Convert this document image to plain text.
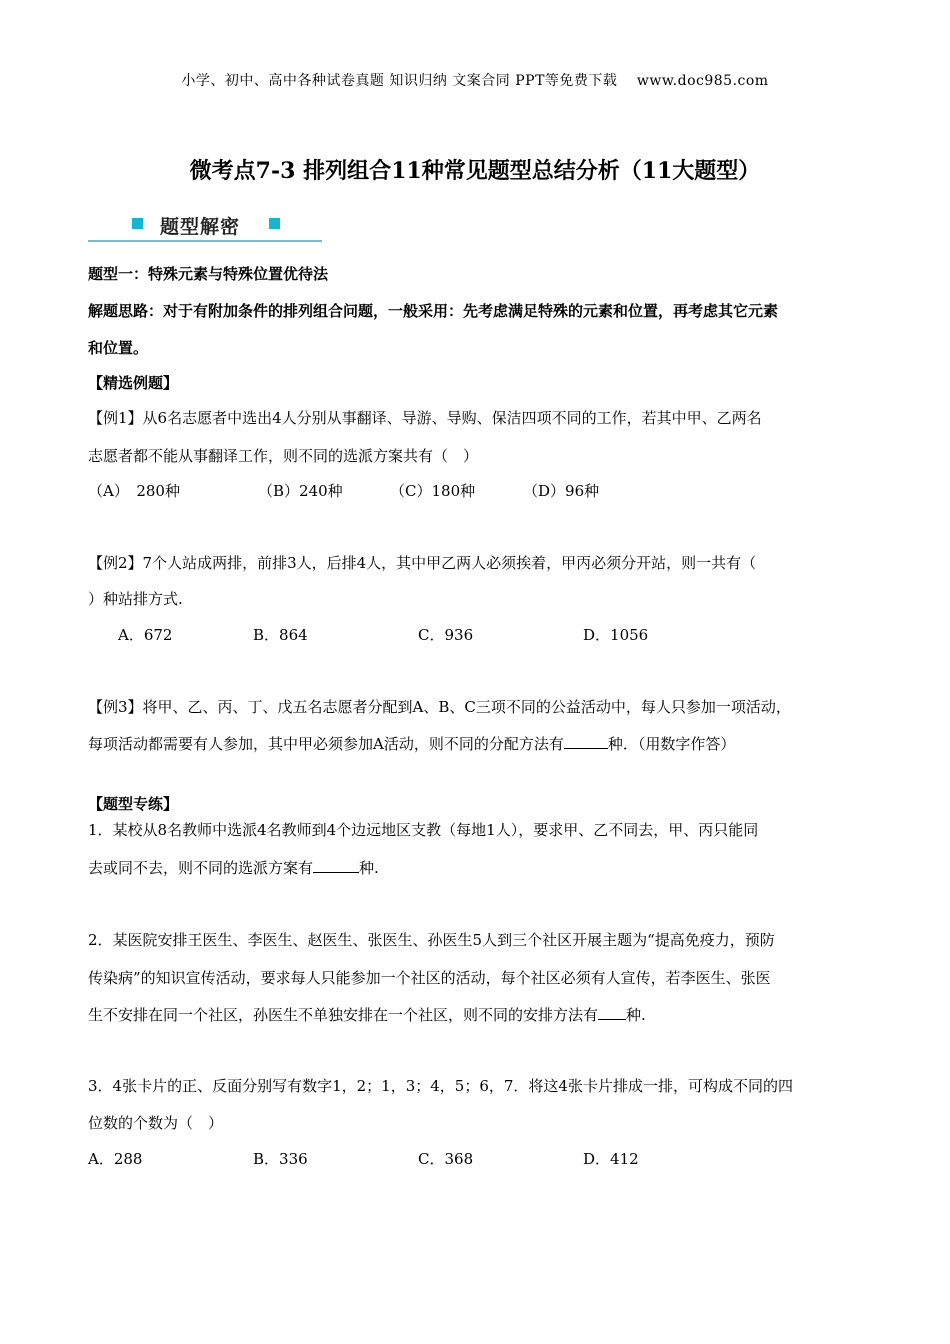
小学、初中、高中各种试卷真题 知识归纳 文案合同 PPT等免费下载 　www.doc985.com
微考点7-3 排列组合11种常见题型总结分析（11大题型）
题型解密
题型一：特殊元素与特殊位置优待法
解题思路：对于有附加条件的排列组合问题，一般采用：先考虑满足特殊的元素和位置，再考虑其它元素
和位置。
【精选例题】
【例1】从6名志愿者中选出4人分别从事翻译、导游、导购、保洁四项不同的工作，若其中甲、乙两名
志愿者都不能从事翻译工作，则不同的选派方案共有（　）
（A）　280种	（B）240种	（C）180种	（D）96种
【例2】7个人站成两排，前排3人，后排4人，其中甲乙两人必须挨着，甲丙必须分开站，则一共有（
）种站排方式.
A．672	B．864	C．936	D．1056
【例3】将甲、乙、丙、丁、戊五名志愿者分配到A、B、C三项不同的公益活动中，每人只参加一项活动，
每项活动都需要有人参加，其中甲必须参加A活动，则不同的分配方法有	种．（用数字作答）
【题型专练】
1．某校从8名教师中选派4名教师到4个边远地区支教（每地1人），要求甲、乙不同去，甲、丙只能同
去或同不去，则不同的选派方案有	种.
2．某医院安排王医生、李医生、赵医生、张医生、孙医生5人到三个社区开展主题为“提高免疫力，预防
传染病”的知识宣传活动，要求每人只能参加一个社区的活动，每个社区必须有人宣传，若李医生、张医
生不安排在同一个社区，孙医生不单独安排在一个社区，则不同的安排方法有 种.
3．4张卡片的正、反面分别写有数字1，2；1，3；4，5；6，7．将这4张卡片排成一排，可构成不同的四
位数的个数为（　）
A．288	B．336	C．368	D．412
